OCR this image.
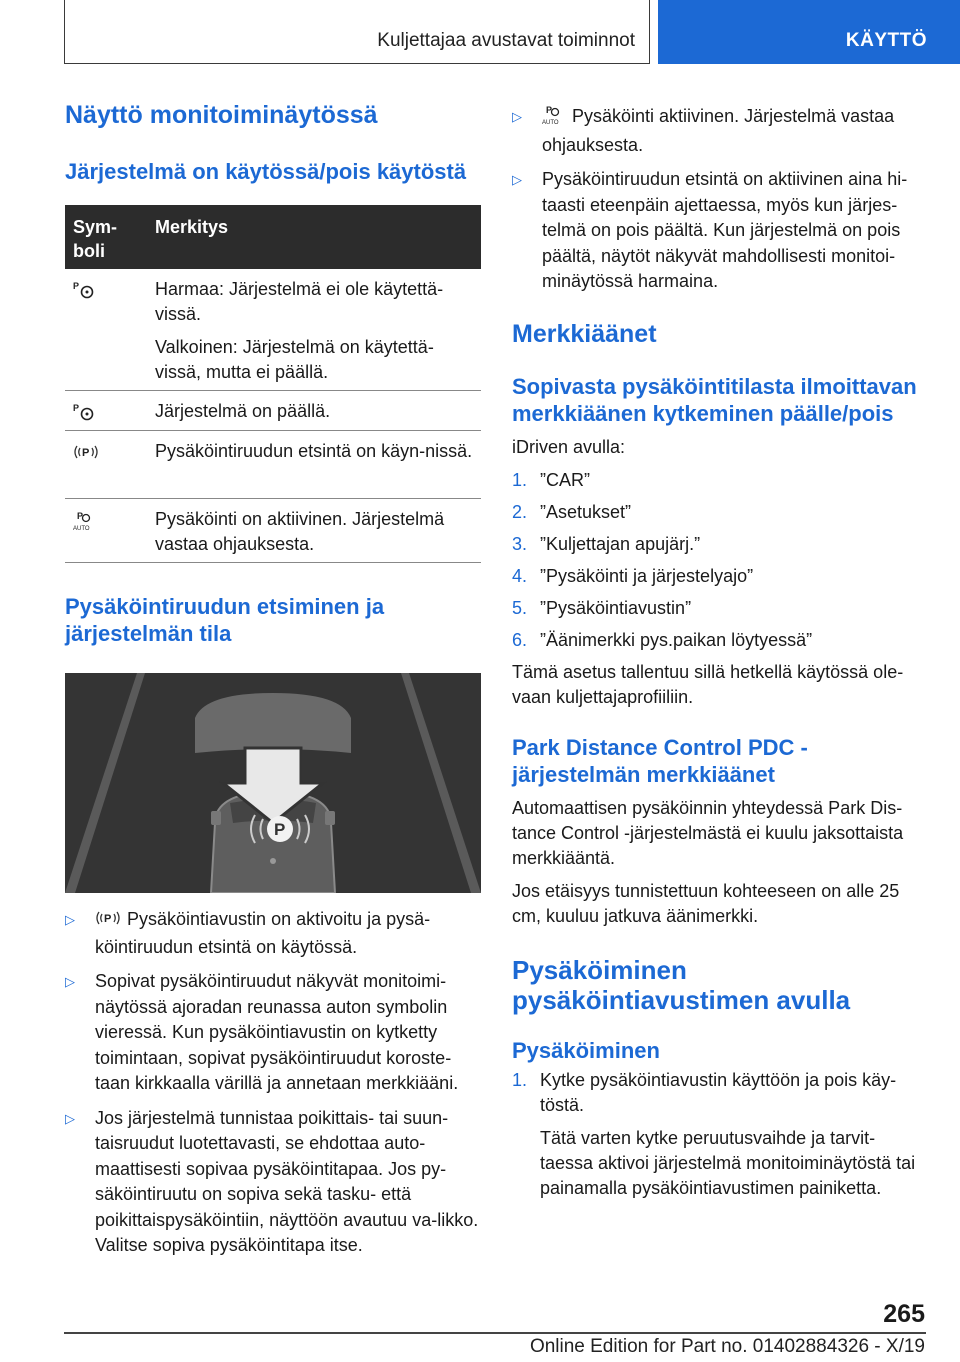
Kuljettajaa avustavat toiminnot	KÄYTTÖ
Näyttö monitoiminäytössä
Järjestelmä on käytössä/pois käytöstä
Sym-
boli
Merkitys
P	Harmaa: Järjestelmä ei ole käytettä-vissä.

Valkoinen: Järjestelmä on käytettä-vissä, mutta ei päällä.

P	Järjestelmä on päällä.

P	Pysäköintiruudun etsintä on käyn-nissä.

P
AUTO	Pysäköinti on aktiivinen. Järjestelmä vastaa ohjauksesta.

Pysäköintiruudun etsiminen ja järjestelmän tila
P
▷	P Pysäköintiavustin on aktivoitu ja pysä-köintiruudun etsintä on käytössä.
▷ Sopivat pysäköintiruudut näkyvät monitoimi-näytössä ajoradan reunassa auton symbolin vieressä. Kun pysäköintiavustin on kytketty toimintaan, sopivat pysäköintiruudut koroste-taan kirkkaalla värillä ja annetaan merkkiääni.
▷ Jos järjestelmä tunnistaa poikittais- tai suun-taisruudut luotettavasti, se ehdottaa auto-maattisesti sopivaa pysäköintitapaa. Jos py-säköintiruutu on sopiva sekä tasku- että poikittaispysäköintiin, näyttöön avautuu va-likko. Valitse sopiva pysäköintitapa itse.
▷	P
AUTO Pysäköinti aktiivinen. Järjestelmä vastaa ohjauksesta.
▷ Pysäköintiruudun etsintä on aktiivinen aina hi-taasti eteenpäin ajettaessa, myös kun järjes-telmä on pois päältä. Kun järjestelmä on pois päältä, näytöt näkyvät mahdollisesti monitoi-minäytössä harmaina.
Merkkiäänet
Sopivasta pysäköintitilasta ilmoittavan merkkiäänen kytkeminen päälle/pois

iDriven avulla:

1. ”CAR”
2. ”Asetukset”
3. ”Kuljettajan apujärj.”
4. ”Pysäköinti ja järjestelyajo”
5. ”Pysäköintiavustin”
6. ”Äänimerkki pys.paikan löytyessä”

Tämä asetus tallentuu sillä hetkellä käytössä ole-vaan kuljettajaprofiiliin.

Park Distance Control PDC -järjestelmän merkkiäänet

Automaattisen pysäköinnin yhteydessä Park Dis-tance Control -järjestelmästä ei kuulu jaksottaista merkkiääntä.

Jos etäisyys tunnistettuun kohteeseen on alle 25 cm, kuuluu jatkuva äänimerkki.

Pysäköiminen pysäköintiavustimen avulla
Pysäköiminen
1. Kytke pysäköintiavustin käyttöön ja pois käy-töstä.

Tätä varten kytke peruutusvaihde ja tarvit-taessa aktivoi järjestelmä monitoiminäytöstä tai painamalla pysäköintiavustimen painiketta.

265
Online Edition for Part no. 01402884326 - X/19
